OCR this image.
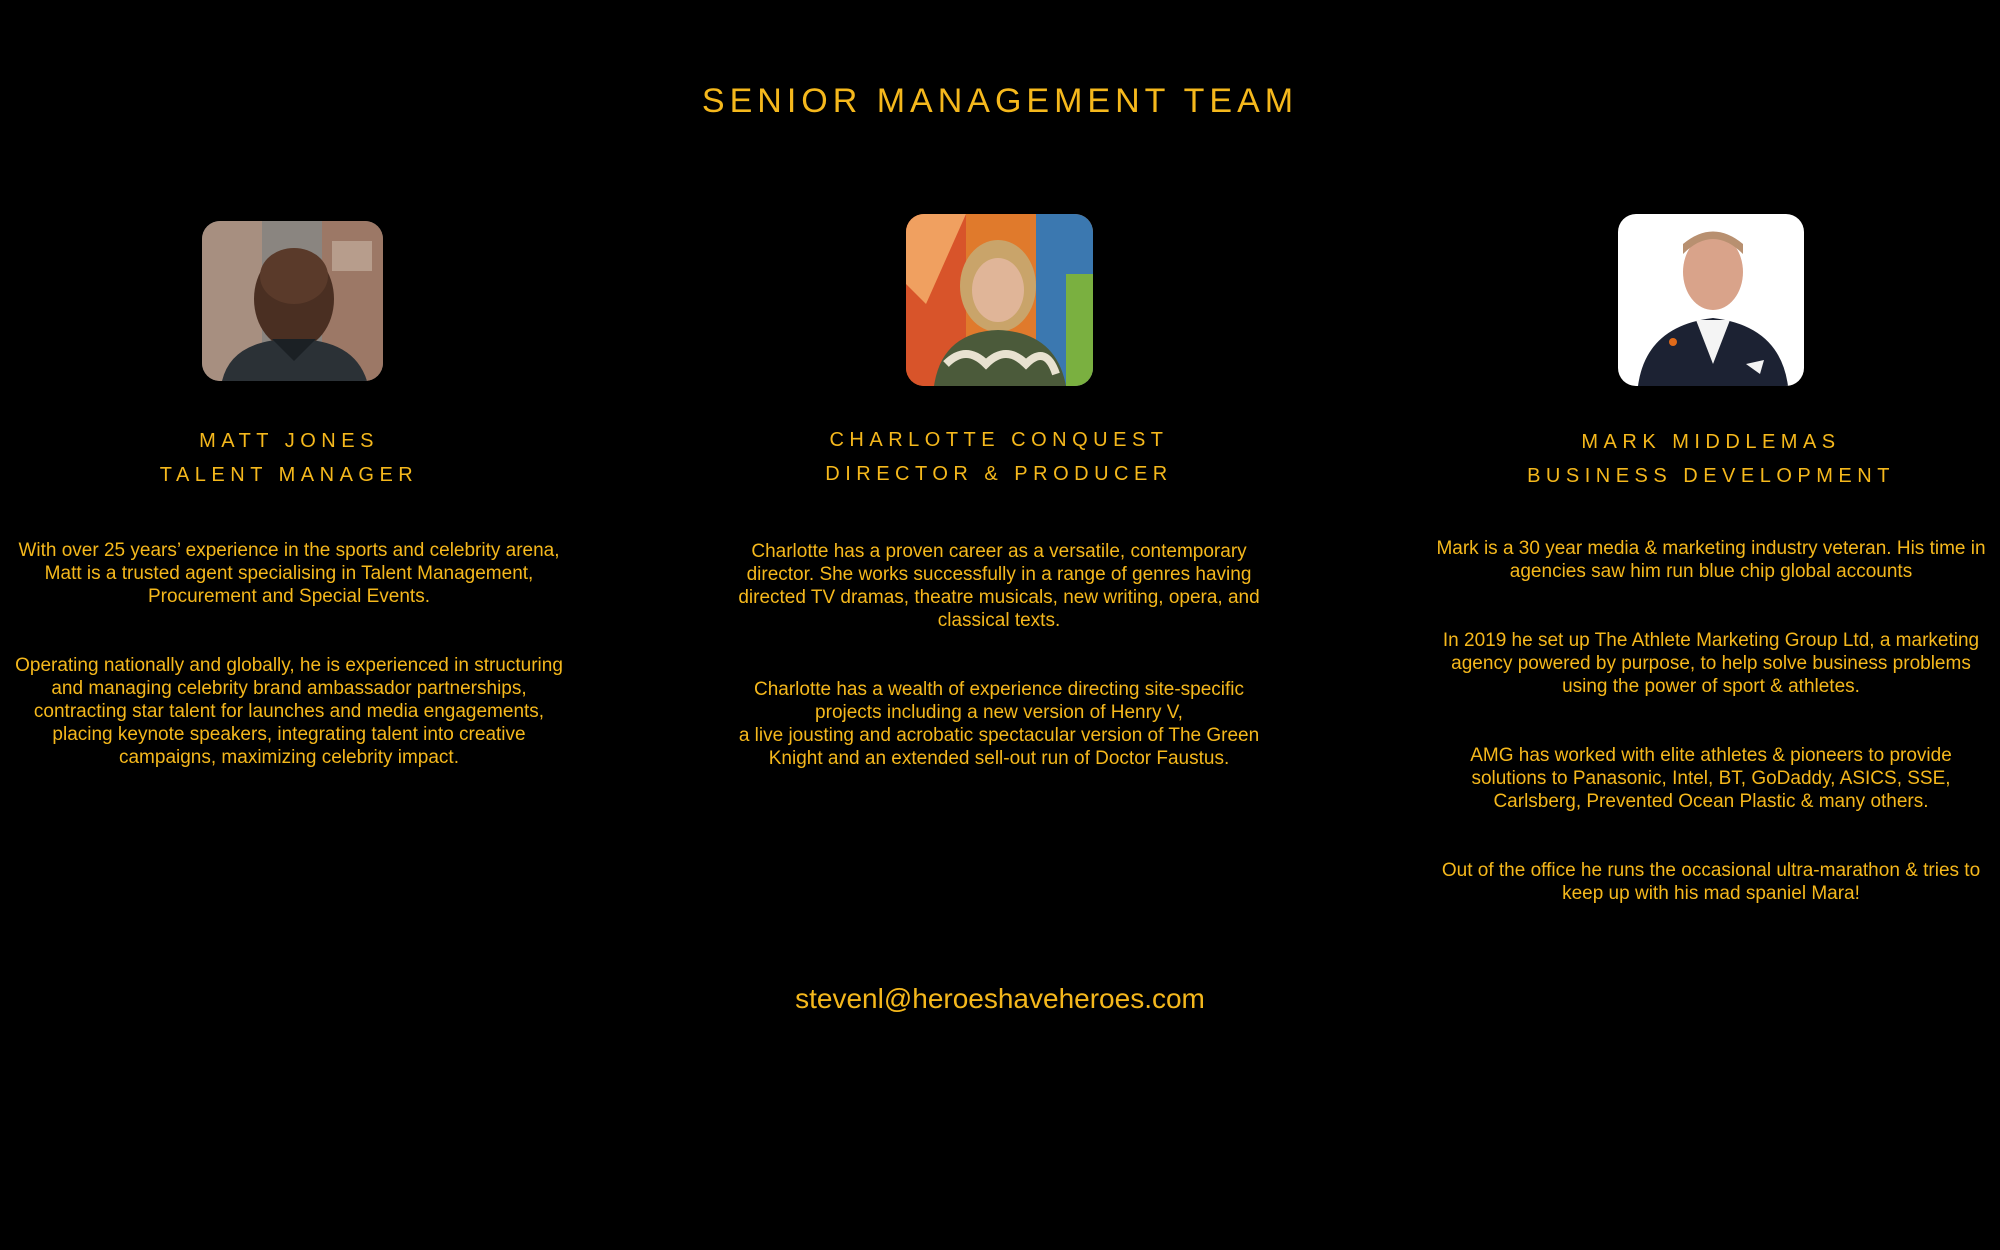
SENIOR MANAGEMENT TEAM
MATT JONES
TALENT MANAGER

With over 25 years’ experience in the sports and celebrity arena,
Matt is a trusted agent specialising in Talent Management,
Procurement and Special Events.

Operating nationally and globally, he is experienced in structuring
and managing celebrity brand ambassador partnerships,
contracting star talent for launches and media engagements,
placing keynote speakers, integrating talent into creative
campaigns, maximizing celebrity impact.

CHARLOTTE CONQUEST
DIRECTOR & PRODUCER

Charlotte has a proven career as a versatile, contemporary
director. She works successfully in a range of genres having
directed TV dramas, theatre musicals, new writing, opera, and
classical texts.

Charlotte has a wealth of experience directing site-specific
projects including a new version of Henry V,
a live jousting and acrobatic spectacular version of The Green
Knight and an extended sell-out run of Doctor Faustus.

MARK MIDDLEMAS
BUSINESS DEVELOPMENT

Mark is a 30 year media & marketing industry veteran. His time in
agencies saw him run blue chip global accounts

In 2019 he set up The Athlete Marketing Group Ltd, a marketing
agency powered by purpose, to help solve business problems
using the power of sport & athletes.

AMG has worked with elite athletes & pioneers to provide
solutions to Panasonic, Intel, BT, GoDaddy, ASICS, SSE,
Carlsberg, Prevented Ocean Plastic & many others.

Out of the office he runs the occasional ultra-marathon & tries to
keep up with his mad spaniel Mara!

stevenl@heroeshaveheroes.com
